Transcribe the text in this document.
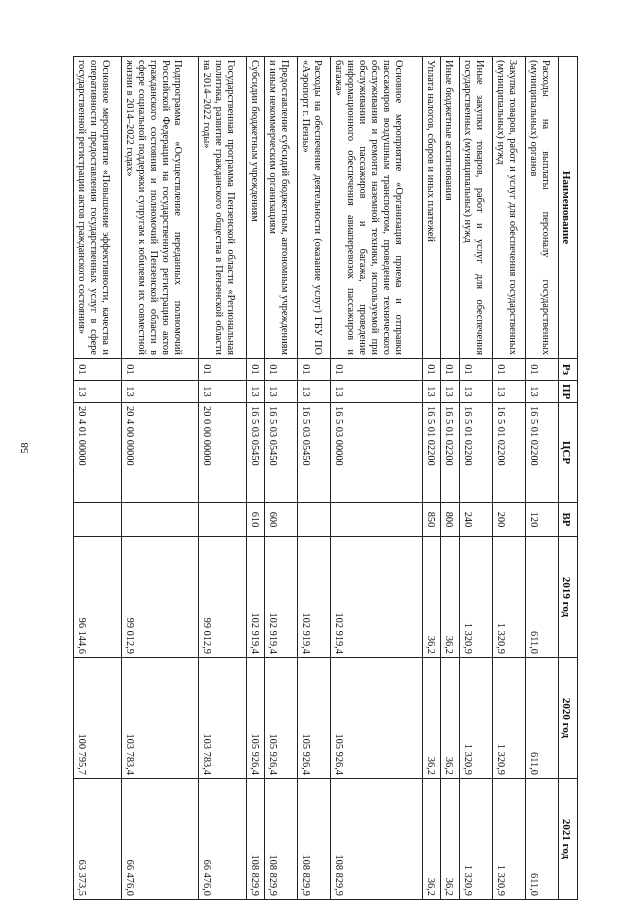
58
Наименование	Рз	ПР	ЦСР	ВР	2019 год	2020 год	2021 год
Расходы на выплаты персоналу государственных (муниципальных) органов	01	13	16 5 01 02200	120	611,0	611,0	611,0
Закупка товаров, работ и услуг для обеспечения государственных (муниципальных) нужд	01	13	16 5 01 02200	200	1 320,9	1 320,9	1 320,9
Иные закупки товаров, работ и услуг для обеспечения государственных (муниципальных) нужд	01	13	16 5 01 02200	240	1 320,9	1 320,9	1 320,9
Иные бюджетные ассигнования	01	13	16 5 01 02200	800	36,2	36,2	36,2
Уплата налогов, сборов и иных платежей	01	13	16 5 01 02200	850	36,2	36,2	36,2
Основное мероприятие «Организация приема и отправки пассажиров воздушным транспортом, проведение технического обслуживания и ремонта наземной техники, используемой при обслуживании пассажиров и багажа, проведение информационного обеспечения авиаперевозок пассажиров и багажа»	01	13	16 5 03 00000		102 919,4	105 926,4	108 829,9
Расходы на обеспечение деятельности (оказание услуг) ГБУ ПО «Аэропорт г. Пензы»	01	13	16 5 03 05450		102 919,4	105 926,4	108 829,9
Предоставление субсидий бюджетным, автономным учреждениям и иным некоммерческим организациям	01	13	16 5 03 05450	600	102 919,4	105 926,4	108 829,9
Субсидии бюджетным учреждениям	01	13	16 5 03 05450	610	102 919,4	105 926,4	108 829,9
Государственная программа Пензенской области «Региональная политика, развитие гражданского общества в Пензенской области на 2014–2022 годы»	01	13	20 0 00 00000		99 012,9	103 783,4	66 476,0
Подпрограмма «Осуществление переданных полномочий Российской Федерации на государственную регистрацию актов гражданского состояния и полномочий Пензенской области в сфере социальной поддержки супругам к юбилеям их совместной жизни в 2014–2022 годах»	01	13	20 4 00 00000		99 012,9	103 783,4	66 476,0
Основное мероприятие «Повышение эффективности, качества и оперативности предоставления государственных услуг в сфере государственной регистрации актов гражданского состояния»	01	13	20 4 01 00000		96 144,6	100 795,7	63 373,5
